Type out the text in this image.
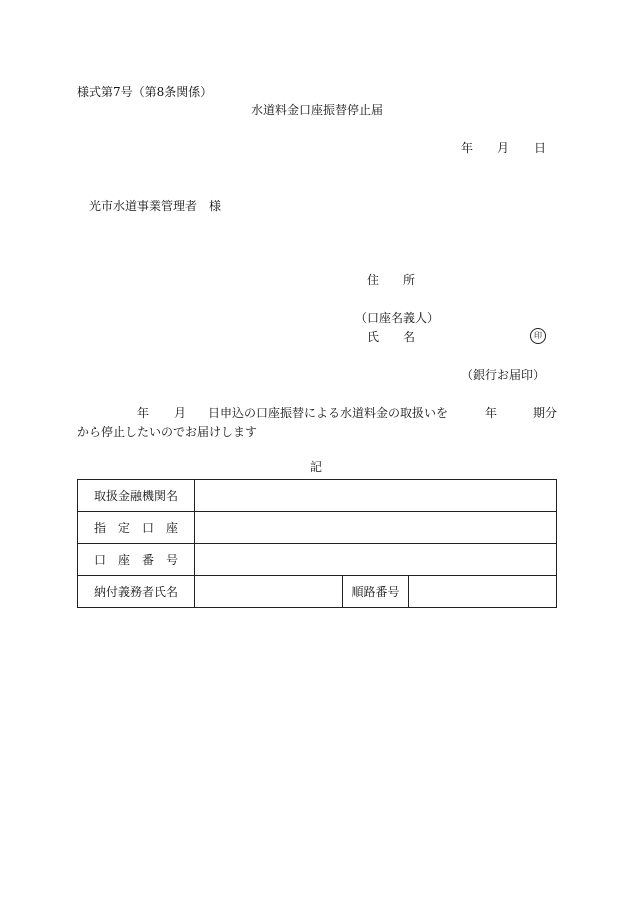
様式第7号（第8条関係）
水道料金口座振替停止届
年 月 日
光市水道事業管理者　様
住　　所
（口座名義人）
氏　　名	印
（銀行お届印）
年 月 日申込の口座振替による水道料金の取扱いを	年	期分
から停止したいのでお届けします
記
取扱金融機関名			
指　定　口　座			
口　座　番　号			
納付義務者氏名		順路番号	
